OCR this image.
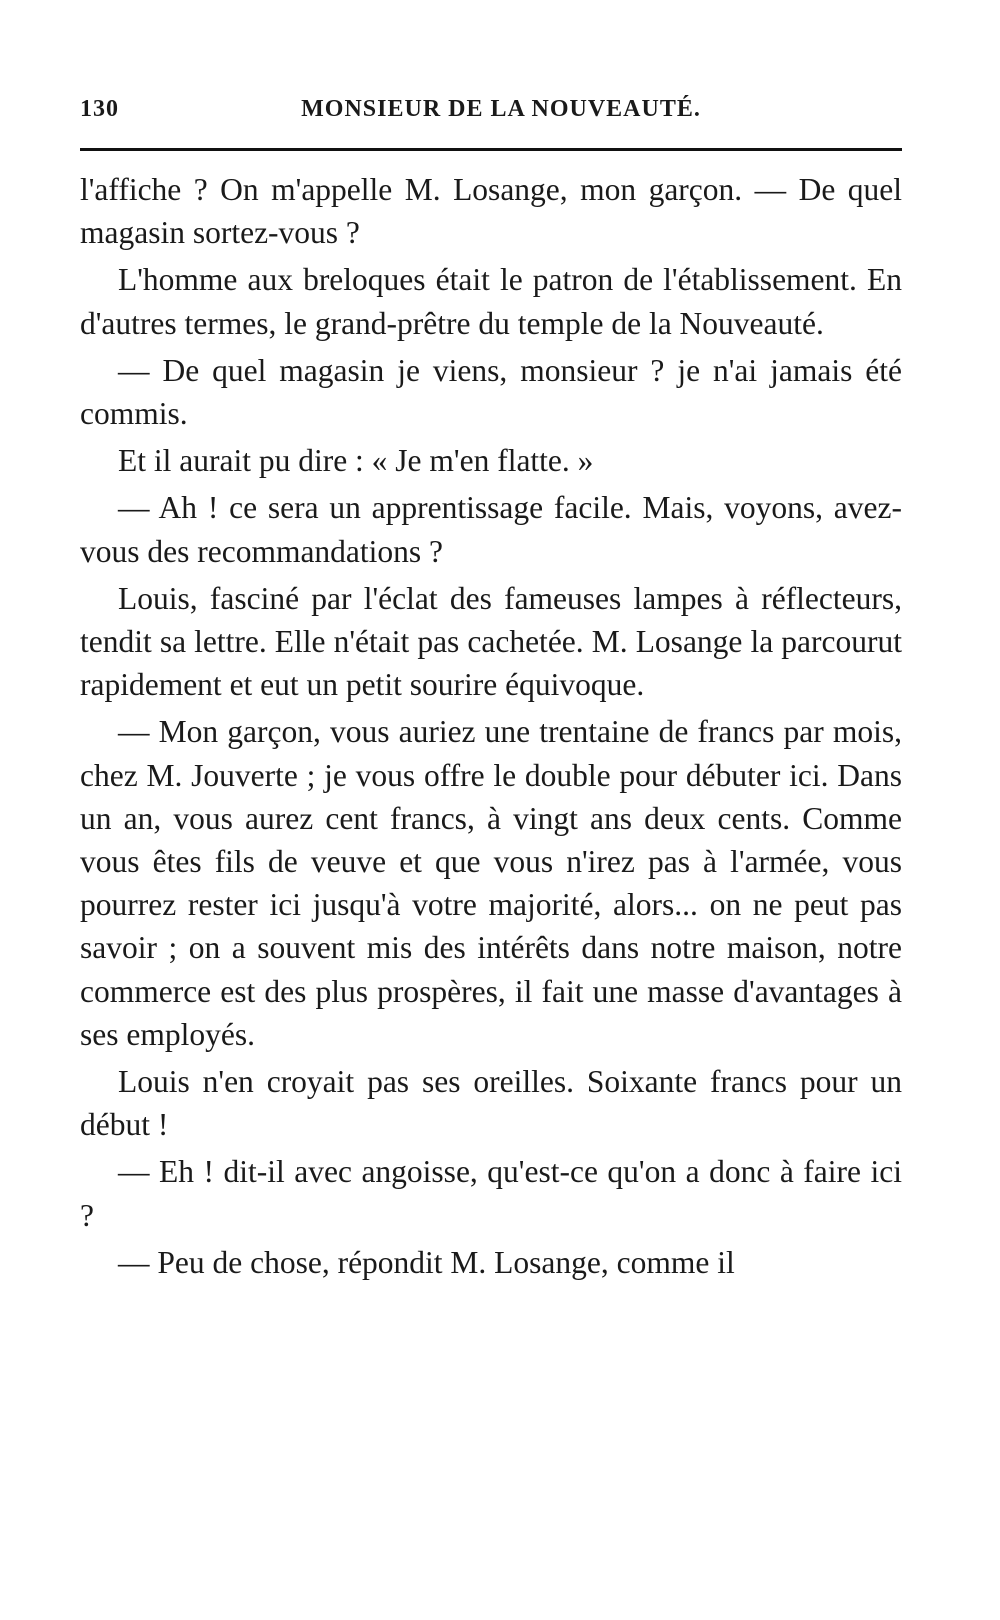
130	MONSIEUR DE LA NOUVEAUTÉ.

l'affiche ? On m'appelle M. Losange, mon garçon. — De quel magasin sortez-vous ?

L'homme aux breloques était le patron de l'établissement. En d'autres termes, le grand-prêtre du temple de la Nouveauté.

— De quel magasin je viens, monsieur ? je n'ai jamais été commis.

Et il aurait pu dire : « Je m'en flatte. »

— Ah ! ce sera un apprentissage facile. Mais, voyons, avez-vous des recommandations ?

Louis, fasciné par l'éclat des fameuses lampes à réflecteurs, tendit sa lettre. Elle n'était pas cachetée. M. Losange la parcourut rapidement et eut un petit sourire équivoque.

— Mon garçon, vous auriez une trentaine de francs par mois, chez M. Jouverte ; je vous offre le double pour débuter ici. Dans un an, vous aurez cent francs, à vingt ans deux cents. Comme vous êtes fils de veuve et que vous n'irez pas à l'armée, vous pourrez rester ici jusqu'à votre majorité, alors... on ne peut pas savoir ; on a souvent mis des intérêts dans notre maison, notre commerce est des plus prospères, il fait une masse d'avantages à ses employés.

Louis n'en croyait pas ses oreilles. Soixante francs pour un début !

— Eh ! dit-il avec angoisse, qu'est-ce qu'on a donc à faire ici ?

— Peu de chose, répondit M. Losange, comme il
